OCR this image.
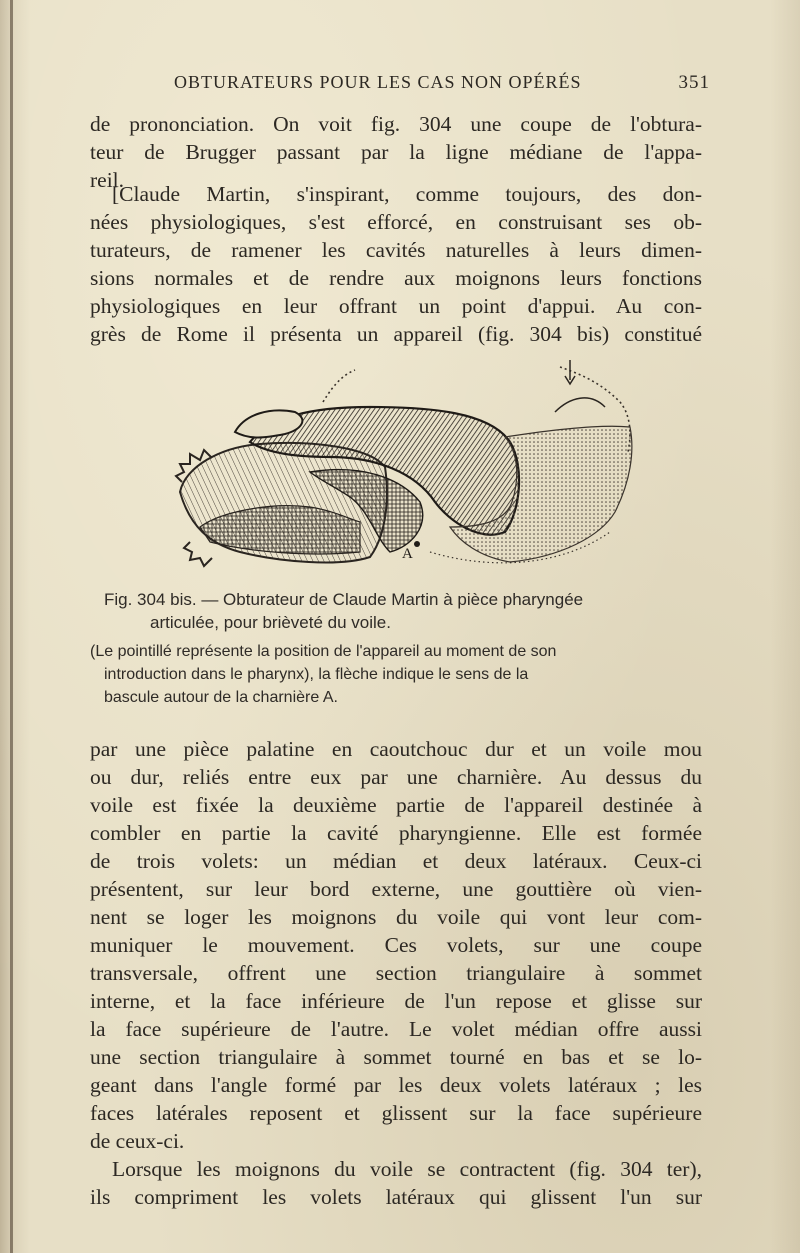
OBTURATEURS POUR LES CAS NON OPÉRÉS	351
de prononciation. On voit fig. 304 une coupe de l'obtura-
teur de Brugger passant par la ligne médiane de l'appa-
reil.
[Claude Martin, s'inspirant, comme toujours, des don-
nées physiologiques, s'est efforcé, en construisant ses ob-
turateurs, de ramener les cavités naturelles à leurs dimen-
sions normales et de rendre aux moignons leurs fonctions
physiologiques en leur offrant un point d'appui. Au con-
grès de Rome il présenta un appareil (fig. 304 bis) constitué
A
Fig. 304 bis. — Obturateur de Claude Martin à pièce pharyngée
articulée, pour brièveté du voile.
(Le pointillé représente la position de l'appareil au moment de son
introduction dans le pharynx), la flèche indique le sens de la
bascule autour de la charnière A.
par une pièce palatine en caoutchouc dur et un voile mou
ou dur, reliés entre eux par une charnière. Au dessus du
voile est fixée la deuxième partie de l'appareil destinée à
combler en partie la cavité pharyngienne. Elle est formée
de trois volets: un médian et deux latéraux. Ceux-ci
présentent, sur leur bord externe, une gouttière où vien-
nent se loger les moignons du voile qui vont leur com-
muniquer le mouvement. Ces volets, sur une coupe
transversale, offrent une section triangulaire à sommet
interne, et la face inférieure de l'un repose et glisse sur
la face supérieure de l'autre. Le volet médian offre aussi
une section triangulaire à sommet tourné en bas et se lo-
geant dans l'angle formé par les deux volets latéraux ; les
faces latérales reposent et glissent sur la face supérieure
de ceux-ci.
Lorsque les moignons du voile se contractent (fig. 304 ter),
ils compriment les volets latéraux qui glissent l'un sur
